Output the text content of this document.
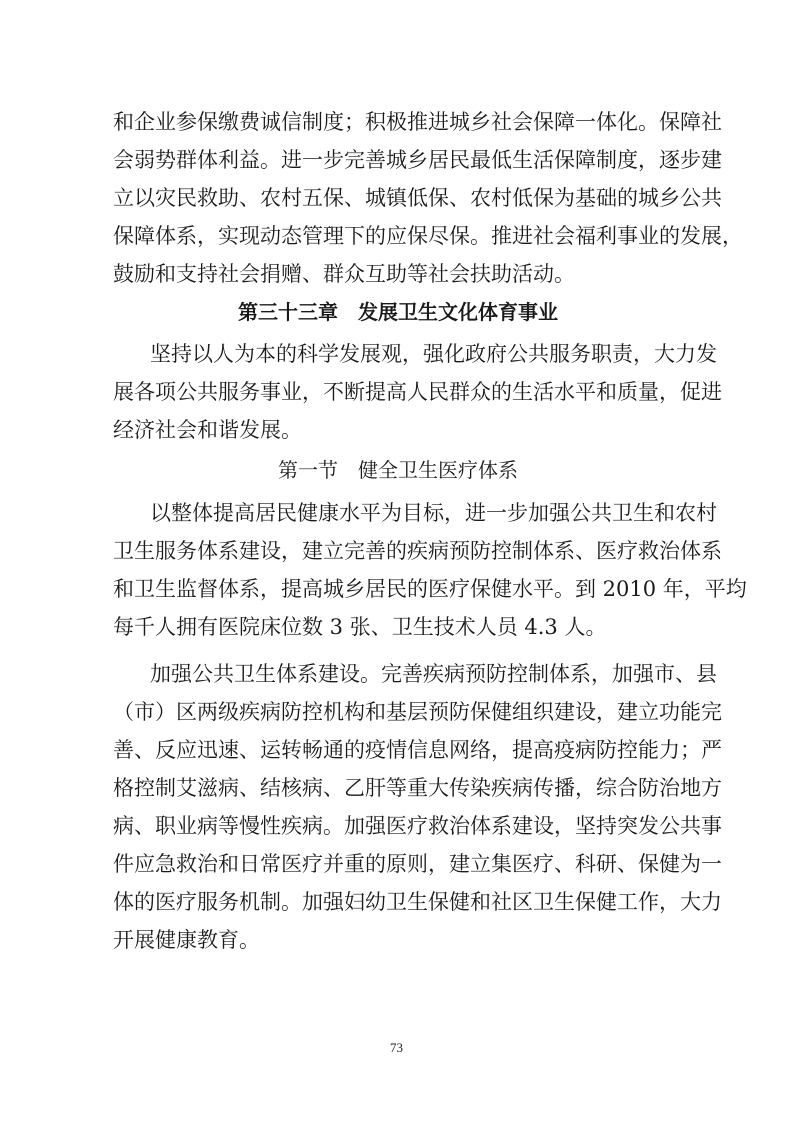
和企业参保缴费诚信制度；积极推进城乡社会保障一体化。保障社
会弱势群体利益。进一步完善城乡居民最低生活保障制度，逐步建
立以灾民救助、农村五保、城镇低保、农村低保为基础的城乡公共
保障体系，实现动态管理下的应保尽保。推进社会福利事业的发展，
鼓励和支持社会捐赠、群众互助等社会扶助活动。
第三十三章　发展卫生文化体育事业
坚持以人为本的科学发展观，强化政府公共服务职责，大力发
展各项公共服务事业，不断提高人民群众的生活水平和质量，促进
经济社会和谐发展。
第一节　健全卫生医疗体系
以整体提高居民健康水平为目标，进一步加强公共卫生和农村
卫生服务体系建设，建立完善的疾病预防控制体系、医疗救治体系
和卫生监督体系，提高城乡居民的医疗保健水平。到 2010 年，平均
每千人拥有医院床位数 3 张、卫生技术人员 4.3 人。
加强公共卫生体系建设。完善疾病预防控制体系，加强市、县
（市）区两级疾病防控机构和基层预防保健组织建设，建立功能完
善、反应迅速、运转畅通的疫情信息网络，提高疫病防控能力；严
格控制艾滋病、结核病、乙肝等重大传染疾病传播，综合防治地方
病、职业病等慢性疾病。加强医疗救治体系建设，坚持突发公共事
件应急救治和日常医疗并重的原则，建立集医疗、科研、保健为一
体的医疗服务机制。加强妇幼卫生保健和社区卫生保健工作，大力
开展健康教育。
73
